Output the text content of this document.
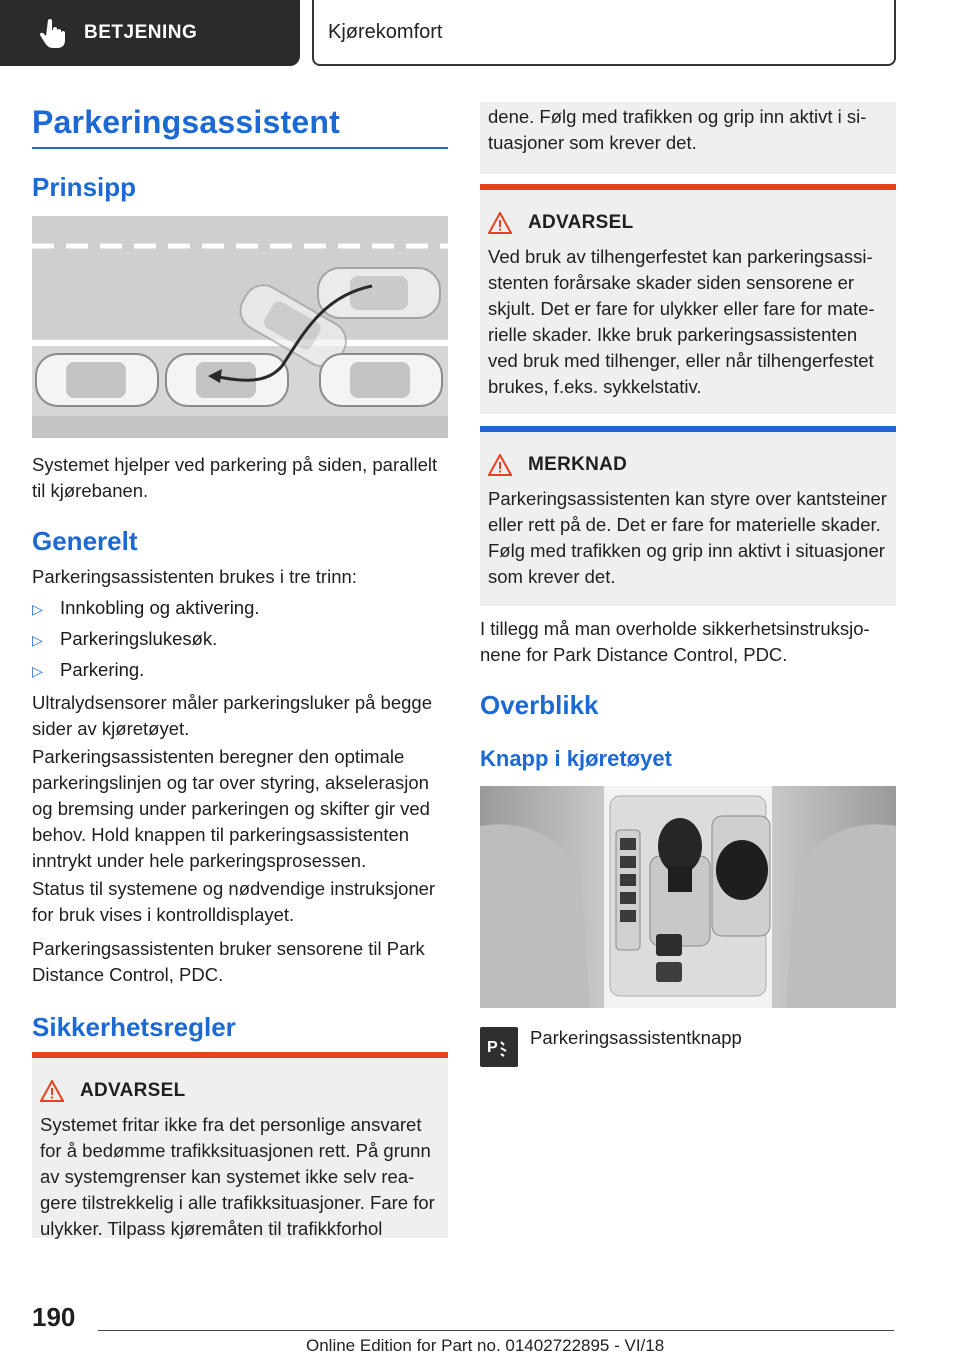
BETJENING	Kjørekomfort
Parkeringsassistent
Prinsipp
Systemet hjelper ved parkering på siden, parallelt til kjørebanen.
Generelt
Parkeringsassistenten brukes i tre trinn:
▷ Innkobling og aktivering.
▷ Parkeringslukesøk.
▷ Parkering.
Ultralydsensorer måler parkeringsluker på begge sider av kjøretøyet.
Parkeringsassistenten beregner den optimale parkeringslinjen og tar over styring, akselerasjon og bremsing under parkeringen og skifter gir ved behov. Hold knappen til parkeringsassistenten inntrykt under hele parkeringsprosessen.
Status til systemene og nødvendige instruksjoner for bruk vises i kontrolldisplayet.
Parkeringsassistenten bruker sensorene til Park Distance Control, PDC.
Sikkerhetsregler
ADVARSEL
Systemet fritar ikke fra det personlige ansvaret for å bedømme trafikksituasjonen rett. På grunn av systemgrenser kan systemet ikke selv reagere tilstrekkelig i alle trafikksituasjoner. Fare for ulykker. Tilpass kjøremåten til trafikkforhol
dene. Følg med trafikken og grip inn aktivt i situasjoner som krever det.
ADVARSEL
Ved bruk av tilhengerfestet kan parkeringsassistenten forårsake skader siden sensorene er skjult. Det er fare for ulykker eller fare for materielle skader. Ikke bruk parkeringsassistenten ved bruk med tilhenger, eller når tilhengerfestet brukes, f.eks. sykkelstativ.
MERKNAD
Parkeringsassistenten kan styre over kantsteiner eller rett på de. Det er fare for materielle skader. Følg med trafikken og grip inn aktivt i situasjoner som krever det.
I tillegg må man overholde sikkerhetsinstruksjonene for Park Distance Control, PDC.
Overblikk
Knapp i kjøretøyet
P Parkeringsassistentknapp
190
Online Edition for Part no. 01402722895 - VI/18
